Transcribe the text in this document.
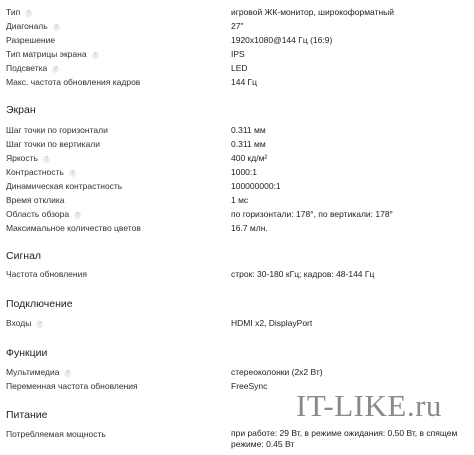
Тип ?	игровой ЖК-монитор, широкоформатный
Диагональ ?	27"
Разрешение	1920x1080@144 Гц (16:9)
Тип матрицы экрана ?	IPS
Подсветка ?	LED
Макс. частота обновления кадров	144 Гц
Экран
Шаг точки по горизонтали	0.311 мм
Шаг точки по вертикали	0.311 мм
Яркость ?	400 кд/м²
Контрастность ?	1000:1
Динамическая контрастность	100000000:1
Время отклика	1 мс
Область обзора ?	по горизонтали: 178°, по вертикали: 178°
Максимальное количество цветов	16.7 млн.
Сигнал
Частота обновления	строк: 30-180 кГц; кадров: 48-144 Гц
Подключение
Входы ?	HDMI x2, DisplayPort
Функции
Мультимедиа ?	стереоколонки (2x2 Вт)
Переменная частота обновления	FreeSync
Питание
Потребляемая мощность	при работе: 29 Вт, в режиме ожидания: 0.50 Вт, в спящем режиме: 0.45 Вт
IT-LIKE.ru
